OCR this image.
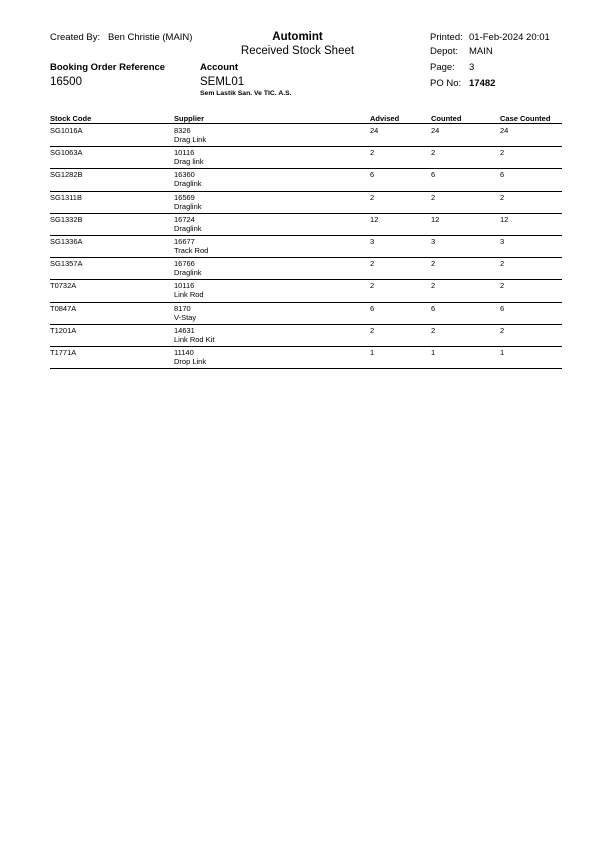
Created By: Ben Christie (MAIN)	Automint
Received Stock Sheet
Printed: 01-Feb-2024 20:01
Depot: MAIN
Page: 3
Booking Order Reference	Account
16500	SEML01	PO No: 17482
Sem Lastik San. Ve TIC. A.S.
Stock Code	Supplier	Advised	Counted	Case Counted
SG1016A	8326
Drag Link
24	24	24
SG1063A	10116
Drag link
2	2	2
SG1282B	16360
Draglink
6	6	6
SG1311B	16569
Draglink
2	2	2
SG1332B	16724
Draglink
12	12	12
SG1336A	16677
Track Rod
3	3	3
SG1357A	16766
Draglink
2	2	2
T0732A	10116
Link Rod
2	2	2
T0847A	8170
V-Stay
6	6	6
T1201A	14631
Link Rod Kit
2	2	2
T1771A	11140
Drop Link
1	1	1
